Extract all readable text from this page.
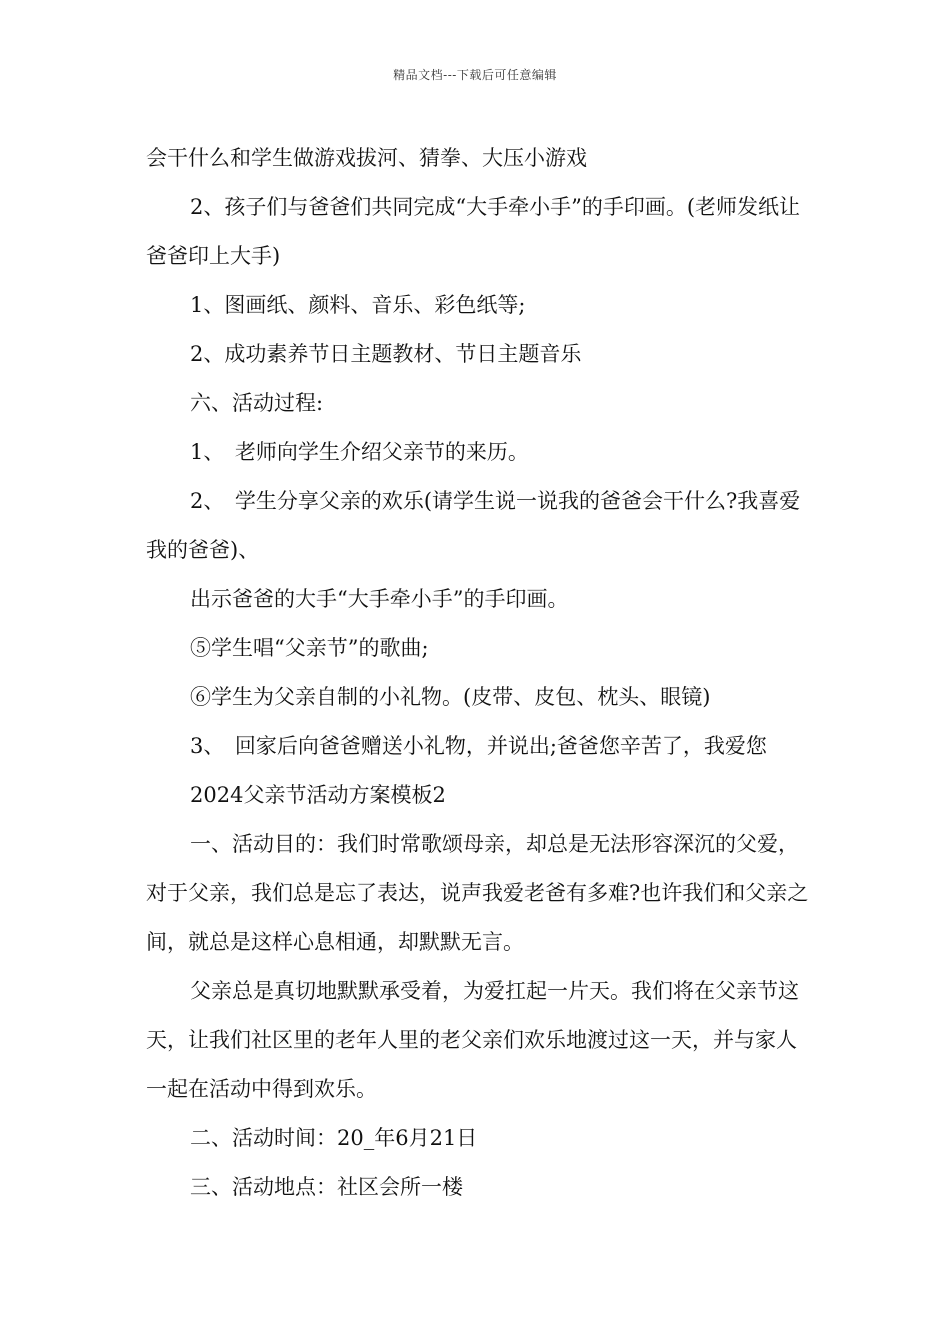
精品文档---下载后可任意编辑

会干什么和学生做游戏拔河、猜拳、大压小游戏

2、孩子们与爸爸们共同完成“大手牵小手”的手印画。(老师发纸让爸爸印上大手)

1、图画纸、颜料、音乐、彩色纸等;

2、成功素养节日主题教材、节日主题音乐

六、活动过程:

1、　老师向学生介绍父亲节的来历。

2、　学生分享父亲的欢乐(请学生说一说我的爸爸会干什么?我喜爱我的爸爸)、

出示爸爸的大手“大手牵小手”的手印画。

⑤学生唱“父亲节”的歌曲;

⑥学生为父亲自制的小礼物。(皮带、皮包、枕头、眼镜)

3、　回家后向爸爸赠送小礼物，并说出;爸爸您辛苦了，我爱您

2024父亲节活动方案模板2

一、活动目的：我们时常歌颂母亲，却总是无法形容深沉的父爱，对于父亲，我们总是忘了表达，说声我爱老爸有多难?也许我们和父亲之间，就总是这样心息相通，却默默无言。

父亲总是真切地默默承受着，为爱扛起一片天。我们将在父亲节这天，让我们社区里的老年人里的老父亲们欢乐地渡过这一天，并与家人一起在活动中得到欢乐。

二、活动时间：20_年6月21日

三、活动地点：社区会所一楼
